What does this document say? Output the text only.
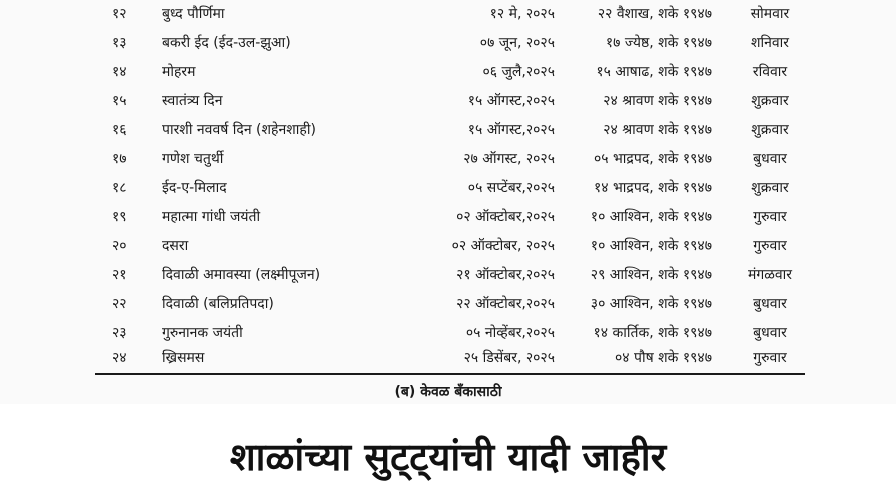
१२	बुध्द पौर्णिमा	१२ मे, २०२५	२२ वैशाख, शके १९४७	सोमवार
१३	बकरी ईद (ईद-उल-झुआ)	०७ जून, २०२५	१७ ज्येष्ठ, शके १९४७	शनिवार
१४	मोहरम	०६ जुलै,२०२५	१५ आषाढ, शके १९४७	रविवार
१५	स्वातंत्र्य दिन	१५ ऑगस्ट,२०२५	२४ श्रावण शके १९४७	शुक्रवार
१६	पारशी नववर्ष दिन (शहेनशाही)	१५ ऑगस्ट,२०२५	२४ श्रावण शके १९४७	शुक्रवार
१७	गणेश चतुर्थी	२७ ऑगस्ट, २०२५	०५ भाद्रपद, शके १९४७	बुधवार
१८	ईद-ए-मिलाद	०५ सप्टेंबर,२०२५	१४ भाद्रपद, शके १९४७	शुक्रवार
१९	महात्मा गांधी जयंती	०२ ऑक्टोबर,२०२५	१० आश्विन, शके १९४७	गुरुवार
२०	दसरा	०२ ऑक्टोबर, २०२५	१० आश्विन, शके १९४७	गुरुवार
२१	दिवाळी अमावस्या (लक्ष्मीपूजन)	२१ ऑक्टोबर,२०२५	२९ आश्विन, शके १९४७	मंगळवार
२२	दिवाळी (बलिप्रतिपदा)	२२ ऑक्टोबर,२०२५	३० आश्विन, शके १९४७	बुधवार
२३	गुरुनानक जयंती	०५ नोव्हेंबर,२०२५	१४ कार्तिक, शके १९४७	बुधवार
२४	ख्रिसमस	२५ डिसेंबर, २०२५	०४ पौष शके १९४७	गुरुवार
(ब) केवळ बँकासाठी
शाळांच्या सुट्ट्यांची यादी जाहीर
